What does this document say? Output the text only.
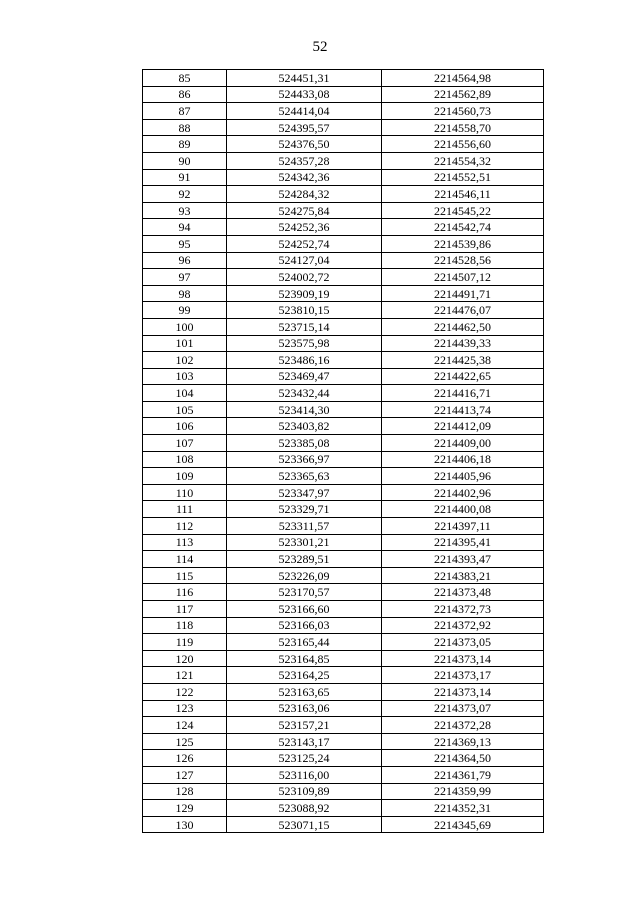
52
85	524451,31	2214564,98
86	524433,08	2214562,89
87	524414,04	2214560,73
88	524395,57	2214558,70
89	524376,50	2214556,60
90	524357,28	2214554,32
91	524342,36	2214552,51
92	524284,32	2214546,11
93	524275,84	2214545,22
94	524252,36	2214542,74
95	524252,74	2214539,86
96	524127,04	2214528,56
97	524002,72	2214507,12
98	523909,19	2214491,71
99	523810,15	2214476,07
100	523715,14	2214462,50
101	523575,98	2214439,33
102	523486,16	2214425,38
103	523469,47	2214422,65
104	523432,44	2214416,71
105	523414,30	2214413,74
106	523403,82	2214412,09
107	523385,08	2214409,00
108	523366,97	2214406,18
109	523365,63	2214405,96
110	523347,97	2214402,96
111	523329,71	2214400,08
112	523311,57	2214397,11
113	523301,21	2214395,41
114	523289,51	2214393,47
115	523226,09	2214383,21
116	523170,57	2214373,48
117	523166,60	2214372,73
118	523166,03	2214372,92
119	523165,44	2214373,05
120	523164,85	2214373,14
121	523164,25	2214373,17
122	523163,65	2214373,14
123	523163,06	2214373,07
124	523157,21	2214372,28
125	523143,17	2214369,13
126	523125,24	2214364,50
127	523116,00	2214361,79
128	523109,89	2214359,99
129	523088,92	2214352,31
130	523071,15	2214345,69
